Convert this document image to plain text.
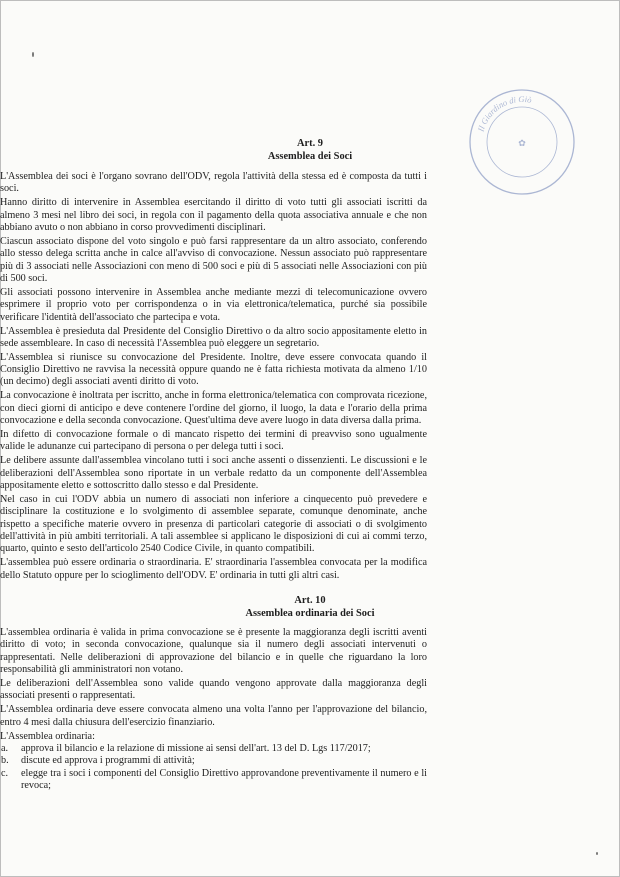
Il Giardino di Giò
✿
Art. 9
Assemblea dei Soci
L'Assemblea dei soci è l'organo sovrano dell'ODV, regola l'attività della stessa ed è composta da tutti i soci.
Hanno diritto di intervenire in Assemblea esercitando il diritto di voto tutti gli associati iscritti da almeno 3 mesi nel libro dei soci, in regola con il pagamento della quota associativa annuale e che non abbiano avuto o non abbiano in corso provvedimenti disciplinari.
Ciascun associato dispone del voto singolo e può farsi rappresentare da un altro associato, conferendo allo stesso delega scritta anche in calce all'avviso di convocazione. Nessun associato può rappresentare più di 3 associati nelle Associazioni con meno di 500 soci e più di 5 associati nelle Associazioni con più di 500 soci.
Gli associati possono intervenire in Assemblea anche mediante mezzi di telecomunicazione ovvero esprimere il proprio voto per corrispondenza o in via elettronica/telematica, purché sia possibile verificare l'identità dell'associato che partecipa e vota.
L'Assemblea è presieduta dal Presidente del Consiglio Direttivo o da altro socio appositamente eletto in sede assembleare. In caso di necessità l'Assemblea può eleggere un segretario.
L'Assemblea si riunisce su convocazione del Presidente. Inoltre, deve essere convocata quando il Consiglio Direttivo ne ravvisa la necessità oppure quando ne è fatta richiesta motivata da almeno 1/10 (un decimo) degli associati aventi diritto di voto.
La convocazione è inoltrata per iscritto, anche in forma elettronica/telematica con comprovata ricezione, con dieci giorni di anticipo e deve contenere l'ordine del giorno, il luogo, la data e l'orario della prima convocazione e della seconda convocazione. Quest'ultima deve avere luogo in data diversa dalla prima.
In difetto di convocazione formale o di mancato rispetto dei termini di preavviso sono ugualmente valide le adunanze cui partecipano di persona o per delega tutti i soci.
Le delibere assunte dall'assemblea vincolano tutti i soci anche assenti o dissenzienti. Le discussioni e le deliberazioni dell'Assemblea sono riportate in un verbale redatto da un componente dell'Assemblea appositamente eletto e sottoscritto dallo stesso e dal Presidente.
Nel caso in cui l'ODV abbia un numero di associati non inferiore a cinquecento può prevedere e disciplinare la costituzione e lo svolgimento di assemblee separate, comunque denominate, anche rispetto a specifiche materie ovvero in presenza di particolari categorie di associati o di svolgimento dell'attività in più ambiti territoriali. A tali assemblee si applicano le disposizioni di cui ai commi terzo, quarto, quinto e sesto dell'articolo 2540 Codice Civile, in quanto compatibili.
L'assemblea può essere ordinaria o straordinaria. E' straordinaria l'assemblea convocata per la modifica dello Statuto oppure per lo scioglimento dell'ODV. E' ordinaria in tutti gli altri casi.
Art. 10
Assemblea ordinaria dei Soci
L'assemblea ordinaria è valida in prima convocazione se è presente la maggioranza degli iscritti aventi diritto di voto; in seconda convocazione, qualunque sia il numero degli associati intervenuti o rappresentati. Nelle deliberazioni di approvazione del bilancio e in quelle che riguardano la loro responsabilità gli amministratori non votano.
Le deliberazioni dell'Assemblea sono valide quando vengono approvate dalla maggioranza degli associati presenti o rappresentati.
L'Assemblea ordinaria deve essere convocata almeno una volta l'anno per l'approvazione del bilancio, entro 4 mesi dalla chiusura dell'esercizio finanziario.
L'Assemblea ordinaria:
a. approva il bilancio e la relazione di missione ai sensi dell'art. 13 del D. Lgs 117/2017;
b. discute ed approva i programmi di attività;
c. elegge tra i soci i componenti del Consiglio Direttivo approvandone preventivamente il numero e li revoca;
